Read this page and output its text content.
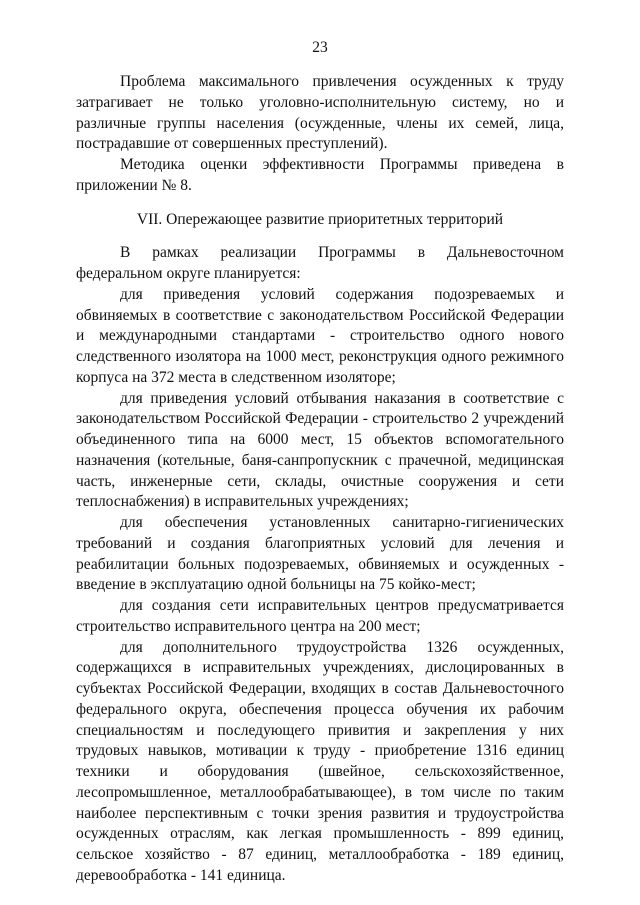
23

Проблема максимального привлечения осужденных к труду затрагивает не только уголовно-исполнительную систему, но и различные группы населения (осужденные, члены их семей, лица, пострадавшие от совершенных преступлений).

Методика оценки эффективности Программы приведена в приложении № 8.

VII. Опережающее развитие приоритетных территорий

В рамках реализации Программы в Дальневосточном федеральном округе планируется:

для приведения условий содержания подозреваемых и обвиняемых в соответствие с законодательством Российской Федерации и международными стандартами - строительство одного нового следственного изолятора на 1000 мест, реконструкция одного режимного корпуса на 372 места в следственном изоляторе;

для приведения условий отбывания наказания в соответствие с законодательством Российской Федерации - строительство 2 учреждений объединенного типа на 6000 мест, 15 объектов вспомогательного назначения (котельные, баня-санпропускник с прачечной, медицинская часть, инженерные сети, склады, очистные сооружения и сети теплоснабжения) в исправительных учреждениях;

для обеспечения установленных санитарно-гигиенических требований и создания благоприятных условий для лечения и реабилитации больных подозреваемых, обвиняемых и осужденных - введение в эксплуатацию одной больницы на 75 койко-мест;

для создания сети исправительных центров предусматривается строительство исправительного центра на 200 мест;

для дополнительного трудоустройства 1326 осужденных, содержащихся в исправительных учреждениях, дислоцированных в субъектах Российской Федерации, входящих в состав Дальневосточного федерального округа, обеспечения процесса обучения их рабочим специальностям и последующего привития и закрепления у них трудовых навыков, мотивации к труду - приобретение 1316 единиц техники и оборудования (швейное, сельскохозяйственное, лесопромышленное, металлообрабатывающее), в том числе по таким наиболее перспективным с точки зрения развития и трудоустройства осужденных отраслям, как легкая промышленность - 899 единиц, сельское хозяйство - 87 единиц, металлообработка - 189 единиц, деревообработка - 141 единица.
